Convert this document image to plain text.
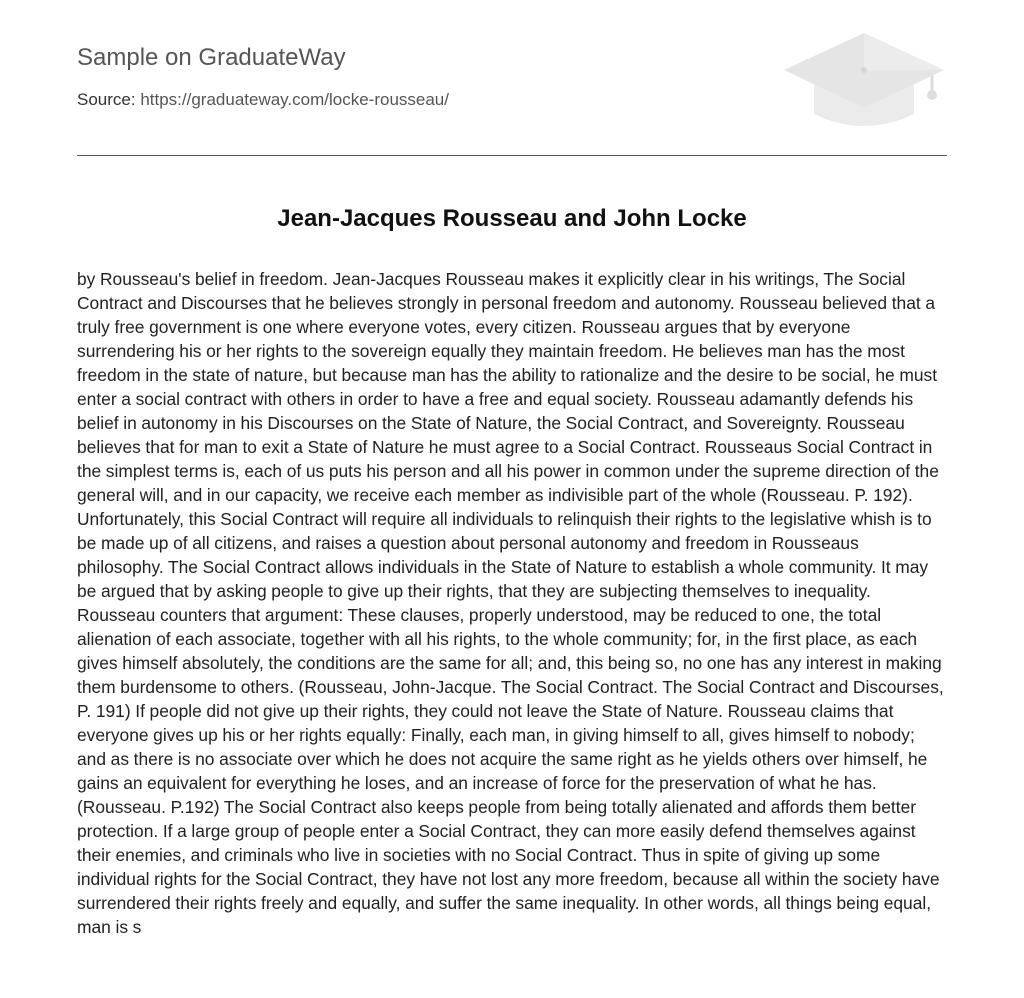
Sample on GraduateWay
Source: https://graduateway.com/locke-rousseau/
Jean-Jacques Rousseau and John Locke

by Rousseau's belief in freedom. Jean-Jacques Rousseau makes it explicitly clear in his writings, The Social Contract and Discourses that he believes strongly in personal freedom and autonomy. Rousseau believed that a truly free government is one where everyone votes, every citizen. Rousseau argues that by everyone surrendering his or her rights to the sovereign equally they maintain freedom. He believes man has the most freedom in the state of nature, but because man has the ability to rationalize and the desire to be social, he must enter a social contract with others in order to have a free and equal society. Rousseau adamantly defends his belief in autonomy in his Discourses on the State of Nature, the Social Contract, and Sovereignty. Rousseau believes that for man to exit a State of Nature he must agree to a Social Contract. Rousseaus Social Contract in the simplest terms is, each of us puts his person and all his power in common under the supreme direction of the general will, and in our capacity, we receive each member as indivisible part of the whole (Rousseau. P. 192). Unfortunately, this Social Contract will require all individuals to relinquish their rights to the legislative whish is to be made up of all citizens, and raises a question about personal autonomy and freedom in Rousseaus philosophy. The Social Contract allows individuals in the State of Nature to establish a whole community. It may be argued that by asking people to give up their rights, that they are subjecting themselves to inequality. Rousseau counters that argument: These clauses, properly understood, may be reduced to one, the total alienation of each associate, together with all his rights, to the whole community; for, in the first place, as each gives himself absolutely, the conditions are the same for all; and, this being so, no one has any interest in making them burdensome to others. (Rousseau, John-Jacque. The Social Contract. The Social Contract and Discourses, P. 191) If people did not give up their rights, they could not leave the State of Nature. Rousseau claims that everyone gives up his or her rights equally: Finally, each man, in giving himself to all, gives himself to nobody; and as there is no associate over which he does not acquire the same right as he yields others over himself, he gains an equivalent for everything he loses, and an increase of force for the preservation of what he has. (Rousseau. P.192) The Social Contract also keeps people from being totally alienated and affords them better protection. If a large group of people enter a Social Contract, they can more easily defend themselves against their enemies, and criminals who live in societies with no Social Contract. Thus in spite of giving up some individual rights for the Social Contract, they have not lost any more freedom, because all within the society have surrendered their rights freely and equally, and suffer the same inequality. In other words, all things being equal, man is s
